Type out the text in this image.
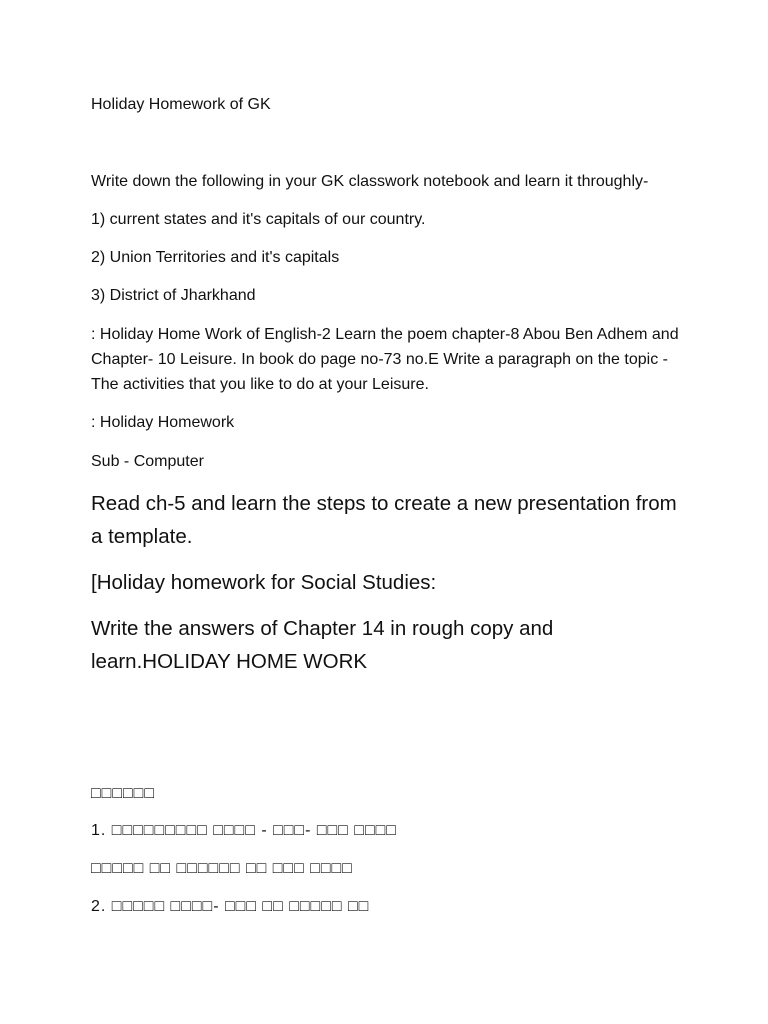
Holiday Homework of GK
Write down the following in your GK classwork notebook and learn it throughly-
1) current states and it's capitals of our country.
2) Union Territories and it's capitals
3) District of Jharkhand
: Holiday Home Work of English-2 Learn the poem chapter-8 Abou Ben Adhem and Chapter- 10 Leisure. In book do page no-73 no.E Write a paragraph on the topic - The activities that you like to do at your Leisure.
: Holiday Homework
Sub - Computer
Read ch-5 and learn the steps to create a new presentation from a template.
[Holiday homework for Social Studies:
Write the answers of Chapter 14 in rough copy and learn.HOLIDAY HOME WORK
□□□□□□
1. □□□□□□□□□ □□□□ - □□□- □□□ □□□□
□□□□□ □□ □□□□□□ □□ □□□ □□□□
2. □□□□□ □□□□- □□□ □□ □□□□□ □□
